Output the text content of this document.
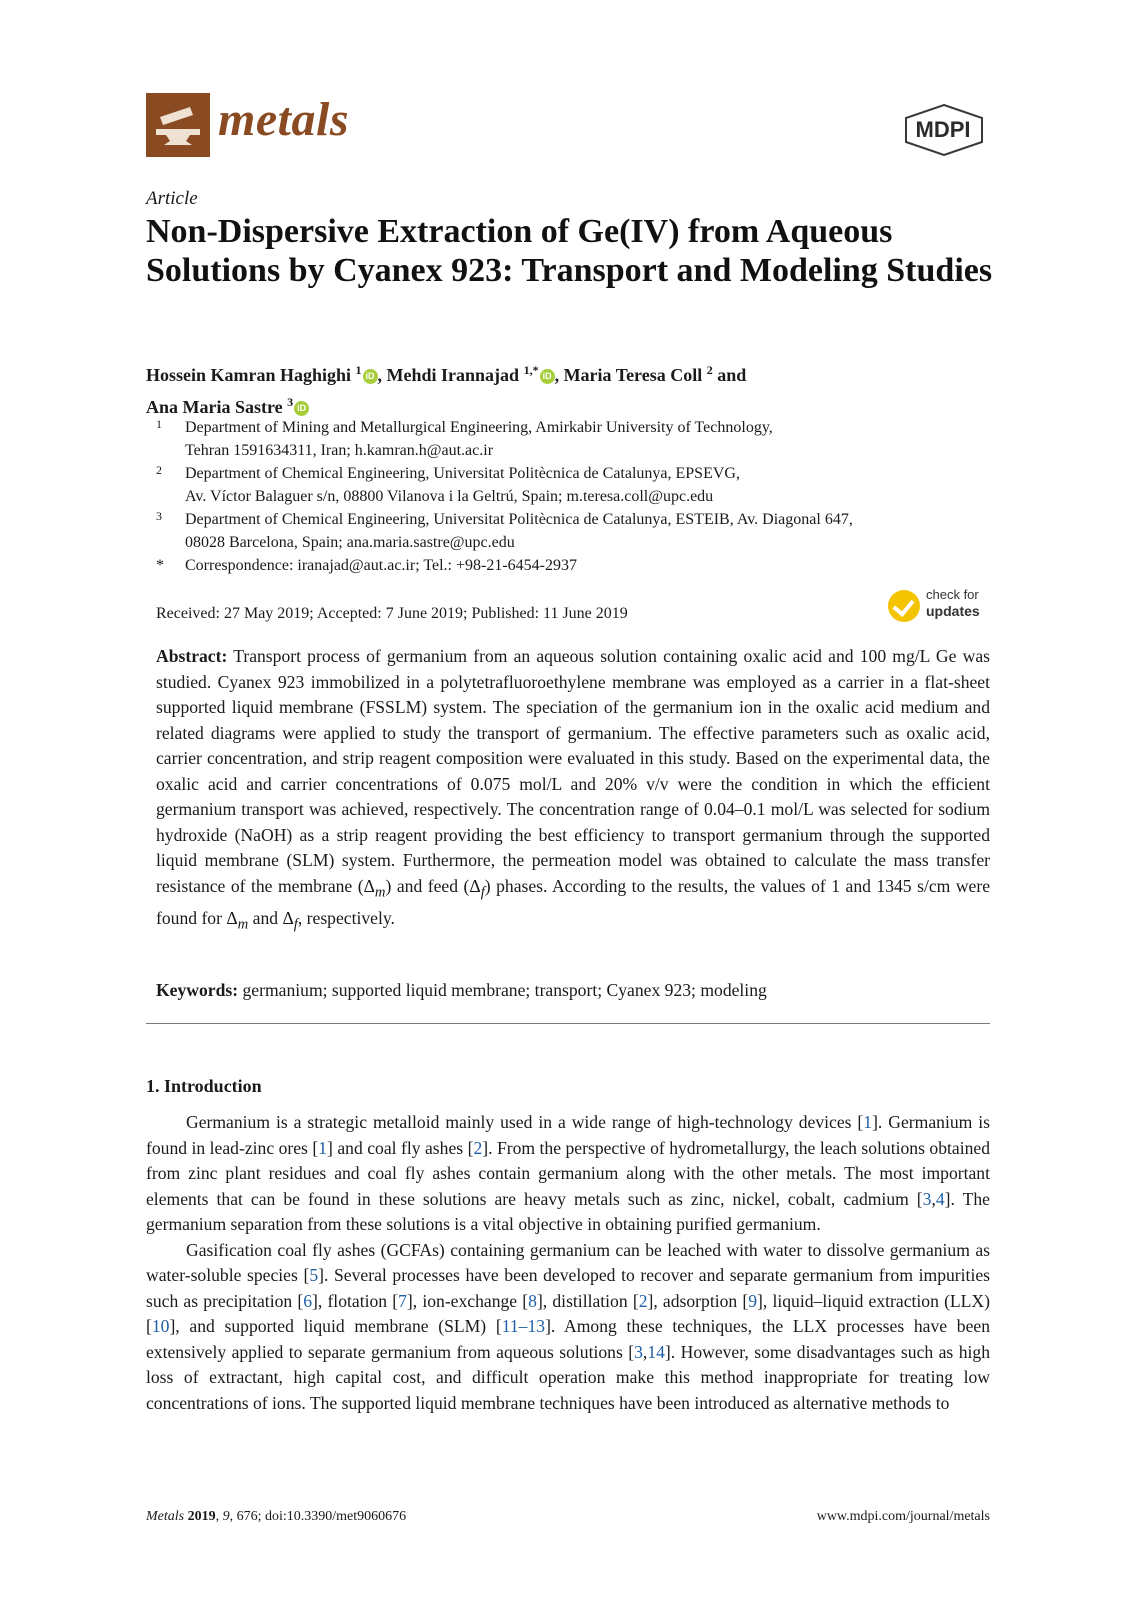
metals	MDPI
Article
Non-Dispersive Extraction of Ge(IV) from Aqueous Solutions by Cyanex 923: Transport and Modeling Studies
Hossein Kamran Haghighi $^1$ iD , Mehdi Irannajad $^{1,*}$ iD , Maria Teresa Coll $^2$ and
Ana Maria Sastre $^3$ iD
1 Department of Mining and Metallurgical Engineering, Amirkabir University of Technology,
Tehran 1591634311, Iran; h.kamran.h@aut.ac.ir
2 Department of Chemical Engineering, Universitat Politècnica de Catalunya, EPSEVG,
Av. Víctor Balaguer s/n, 08800 Vilanova i la Geltrú, Spain; m.teresa.coll@upc.edu
3 Department of Chemical Engineering, Universitat Politècnica de Catalunya, ESTEIB, Av. Diagonal 647,
08028 Barcelona, Spain; ana.maria.sastre@upc.edu
* Correspondence: iranajad@aut.ac.ir; Tel.: +98-21-6454-2937
Received: 27 May 2019; Accepted: 7 June 2019; Published: 11 June 2019
check for
updates
Abstract: Transport process of germanium from an aqueous solution containing oxalic acid and 100 mg/L Ge was studied. Cyanex 923 immobilized in a polytetrafluoroethylene membrane was employed as a carrier in a flat-sheet supported liquid membrane (FSSLM) system. The speciation of the germanium ion in the oxalic acid medium and related diagrams were applied to study the transport of germanium. The effective parameters such as oxalic acid, carrier concentration, and strip reagent composition were evaluated in this study. Based on the experimental data, the oxalic acid and carrier concentrations of 0.075 mol/L and 20% v/v were the condition in which the efficient germanium transport was achieved, respectively. The concentration range of 0.04–0.1 mol/L was selected for sodium hydroxide (NaOH) as a strip reagent providing the best efficiency to transport germanium through the supported liquid membrane (SLM) system. Furthermore, the permeation model was obtained to calculate the mass transfer resistance of the membrane $(\Delta_m)$ and feed $(\Delta_f)$ phases. According to the results, the values of 1 and 1345 s/cm were found for $\Delta_m$ and $\Delta_f$, respectively.
Keywords: germanium; supported liquid membrane; transport; Cyanex 923; modeling
1. Introduction

Germanium is a strategic metalloid mainly used in a wide range of high-technology devices [1]. Germanium is found in lead-zinc ores [1] and coal fly ashes [2]. From the perspective of hydrometallurgy, the leach solutions obtained from zinc plant residues and coal fly ashes contain germanium along with the other metals. The most important elements that can be found in these solutions are heavy metals such as zinc, nickel, cobalt, cadmium [3,4]. The germanium separation from these solutions is a vital objective in obtaining purified germanium.

Gasification coal fly ashes (GCFAs) containing germanium can be leached with water to dissolve germanium as water-soluble species [5]. Several processes have been developed to recover and separate germanium from impurities such as precipitation [6], flotation [7], ion-exchange [8], distillation [2], adsorption [9], liquid–liquid extraction (LLX) [10], and supported liquid membrane (SLM) [11–13]. Among these techniques, the LLX processes have been extensively applied to separate germanium from aqueous solutions [3,14]. However, some disadvantages such as high loss of extractant, high capital cost, and difficult operation make this method inappropriate for treating low concentrations of ions. The supported liquid membrane techniques have been introduced as alternative methods to

Metals 2019, 9, 676; doi:10.3390/met9060676	www.mdpi.com/journal/metals
